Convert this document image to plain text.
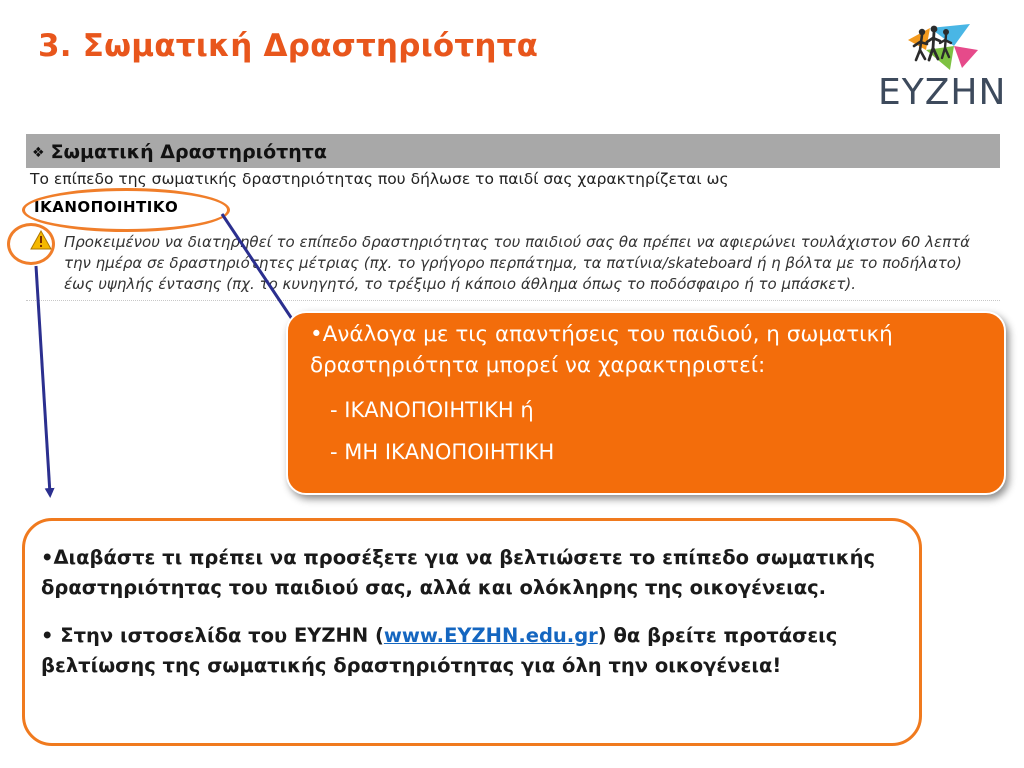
3. Σωματική Δραστηριότητα
ΕΥΖΗΝ
❖ Σωματική Δραστηριότητα
Το επίπεδο της σωματικής δραστηριότητας που δήλωσε το παιδί σας χαρακτηρίζεται ως
ΙΚΑΝΟΠΟΙΗΤΙΚΟ
Προκειμένου να διατηρηθεί το επίπεδο δραστηριότητας του παιδιού σας θα πρέπει να αφιερώνει τουλάχιστον 60 λεπτά την ημέρα σε δραστηριότητες μέτριας (πχ. το γρήγορο περπάτημα, τα πατίνια/skateboard ή η βόλτα με το ποδήλατο) έως υψηλής έντασης (πχ. το κυνηγητό, το τρέξιμο ή κάποιο άθλημα όπως το ποδόσφαιρο ή το μπάσκετ).

•Ανάλογα με τις απαντήσεις του παιδιού, η σωματική δραστηριότητα μπορεί να χαρακτηριστεί:

- ΙΚΑΝΟΠΟΙΗΤΙΚΗ ή

- ΜΗ ΙΚΑΝΟΠΟΙΗΤΙΚΗ

•Διαβάστε τι πρέπει να προσέξετε για να βελτιώσετε το επίπεδο σωματικής δραστηριότητας του παιδιού σας, αλλά και ολόκληρης της οικογένειας.

• Στην ιστοσελίδα του ΕΥΖΗΝ (www.EYZHN.edu.gr) θα βρείτε προτάσεις βελτίωσης της σωματικής δραστηριότητας για όλη την οικογένεια!
